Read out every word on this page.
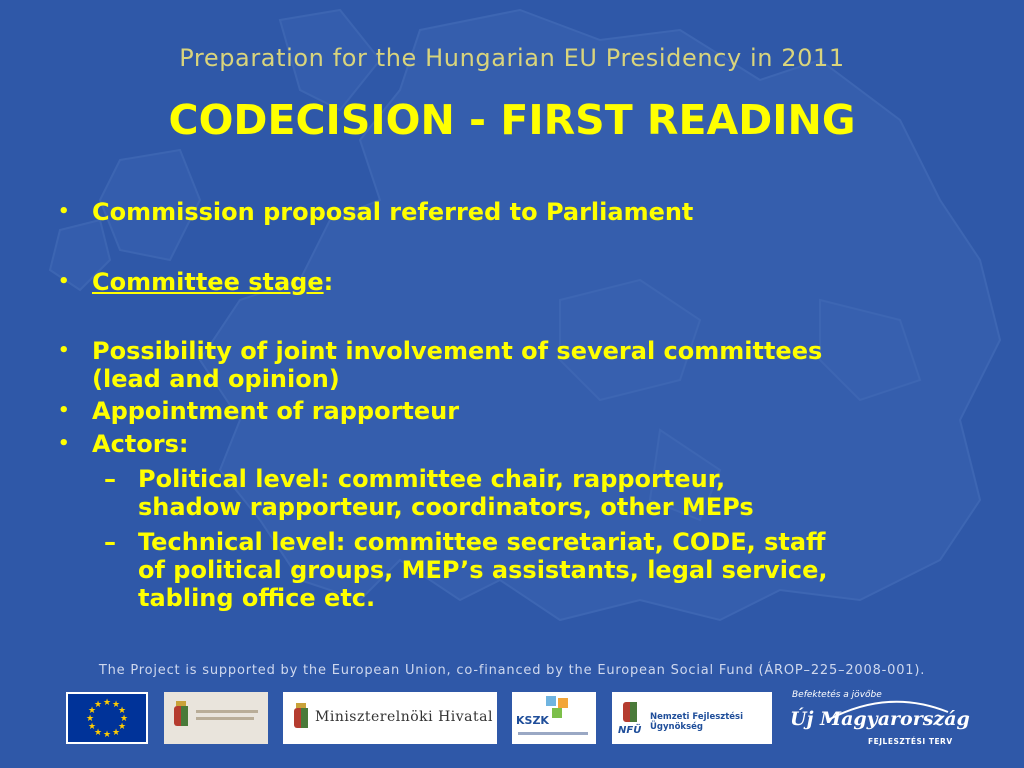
Preparation for the Hungarian EU Presidency in 2011
CODECISION - FIRST READING
• Commission proposal referred to Parliament
• Committee stage:
• Possibility of joint involvement of several committees
(lead and opinion)
• Appointment of rapporteur
• Actors:
– Political level: committee chair, rapporteur,
shadow rapporteur, coordinators, other MEPs
– Technical level: committee secretariat, CODE, staff
of political groups, MEP’s assistants, legal service,
tabling office etc.
The Project is supported by the European Union, co-financed by the European Social Fund (ÁROP–225–2008-001).
★ ★
★
★
★
★
★
★
★
★
★
★
Miniszterelnöki Hivatal KSZK
NFÜ
Nemzeti Fejlesztési Ügynökség
Befektetés a jövőbe
Új Magyarország
FEJLESZTÉSI TERV
